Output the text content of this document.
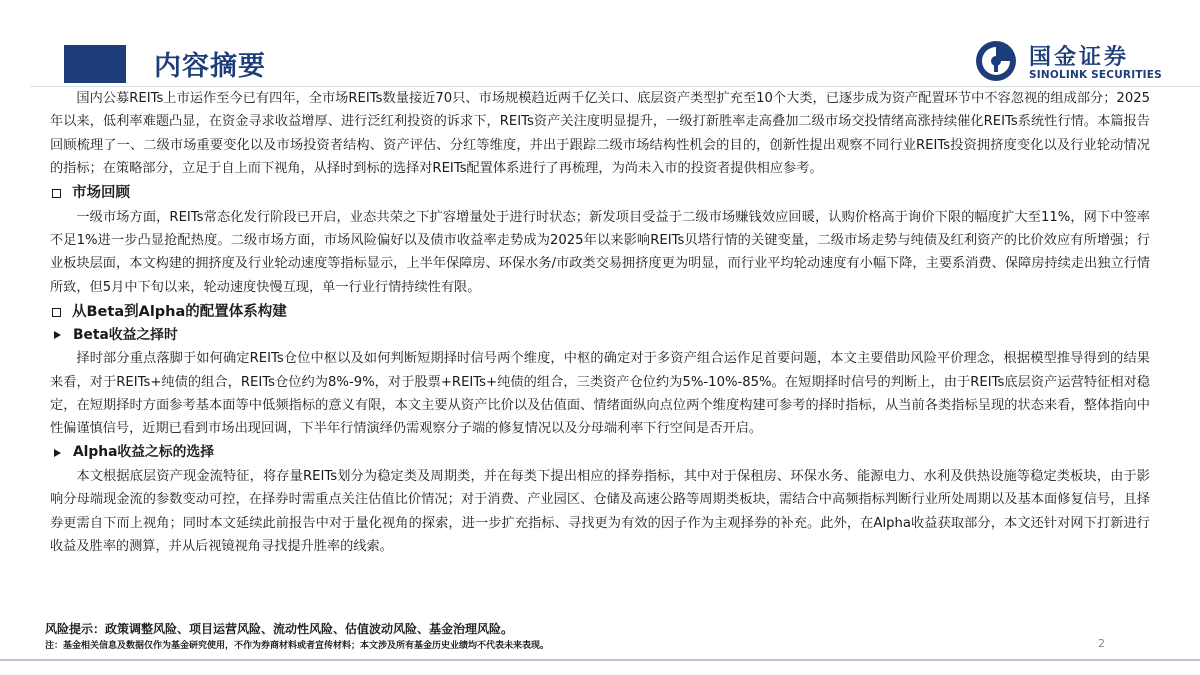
内容摘要	国金证券
SINOLINK SECURITIES

国内公募REITs上市运作至今已有四年，全市场REITs数量接近70只、市场规模趋近两千亿关口、底层资产类型扩充至10个大类，已逐步成为资产配置环节中不容忽视的组成部分；2025年以来，低利率难题凸显，在资金寻求收益增厚、进行泛红利投资的诉求下，REITs资产关注度明显提升，一级打新胜率走高叠加二级市场交投情绪高涨持续催化REITs系统性行情。本篇报告回顾梳理了一、二级市场重要变化以及市场投资者结构、资产评估、分红等维度，并出于跟踪二级市场结构性机会的目的，创新性提出观察不同行业REITs投资拥挤度变化以及行业轮动情况的指标；在策略部分，立足于自上而下视角，从择时到标的选择对REITs配置体系进行了再梳理，为尚未入市的投资者提供相应参考。

市场回顾

一级市场方面，REITs常态化发行阶段已开启，业态共荣之下扩容增量处于进行时状态；新发项目受益于二级市场赚钱效应回暖，认购价格高于询价下限的幅度扩大至11%，网下中签率不足1%进一步凸显抢配热度。二级市场方面，市场风险偏好以及债市收益率走势成为2025年以来影响REITs贝塔行情的关键变量，二级市场走势与纯债及红利资产的比价效应有所增强；行业板块层面，本文构建的拥挤度及行业轮动速度等指标显示，上半年保障房、环保水务/市政类交易拥挤度更为明显，而行业平均轮动速度有小幅下降，主要系消费、保障房持续走出独立行情所致，但5月中下旬以来，轮动速度快慢互现，单一行业行情持续性有限。

从Beta到Alpha的配置体系构建
Beta收益之择时

择时部分重点落脚于如何确定REITs仓位中枢以及如何判断短期择时信号两个维度，中枢的确定对于多资产组合运作足首要问题，本文主要借助风险平价理念，根据模型推导得到的结果来看，对于REITs+纯债的组合，REITs仓位约为8%-9%，对于股票+REITs+纯债的组合，三类资产仓位约为5%-10%-85%。在短期择时信号的判断上，由于REITs底层资产运营特征相对稳定，在短期择时方面参考基本面等中低频指标的意义有限，本文主要从资产比价以及估值面、情绪面纵向点位两个维度构建可参考的择时指标，从当前各类指标呈现的状态来看，整体指向中性偏谨慎信号，近期已看到市场出现回调，下半年行情演绎仍需观察分子端的修复情况以及分母端利率下行空间是否开启。

Alpha收益之标的选择

本文根据底层资产现金流特征，将存量REITs划分为稳定类及周期类，并在每类下提出相应的择券指标，其中对于保租房、环保水务、能源电力、水利及供热设施等稳定类板块，由于影响分母端现金流的参数变动可控，在择券时需重点关注估值比价情况；对于消费、产业园区、仓储及高速公路等周期类板块，需结合中高频指标判断行业所处周期以及基本面修复信号，且择券更需自下而上视角；同时本文延续此前报告中对于量化视角的探索，进一步扩充指标、寻找更为有效的因子作为主观择券的补充。此外，在Alpha收益获取部分，本文还针对网下打新进行收益及胜率的测算，并从后视镜视角寻找提升胜率的线索。

风险提示：政策调整风险、项目运营风险、流动性风险、估值波动风险、基金治理风险。

注：基金相关信息及数据仅作为基金研究使用，不作为券商材料或者宣传材料；本文涉及所有基金历史业绩均不代表未来表现。	2
